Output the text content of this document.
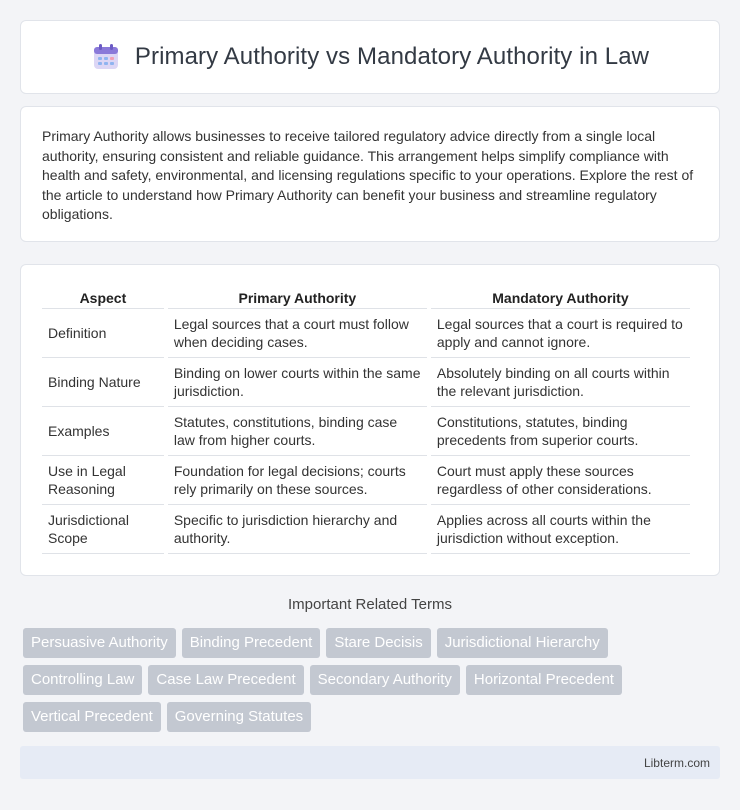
Primary Authority vs Mandatory Authority in Law

Primary Authority allows businesses to receive tailored regulatory advice directly from a single local authority, ensuring consistent and reliable guidance. This arrangement helps simplify compliance with health and safety, environmental, and licensing regulations specific to your operations. Explore the rest of the article to understand how Primary Authority can benefit your business and streamline regulatory obligations.

Aspect	Primary Authority	Mandatory Authority
Definition	Legal sources that a court must follow when deciding cases.	Legal sources that a court is required to apply and cannot ignore.
Binding Nature	Binding on lower courts within the same jurisdiction.	Absolutely binding on all courts within the relevant jurisdiction.
Examples	Statutes, constitutions, binding case law from higher courts.	Constitutions, statutes, binding precedents from superior courts.
Use in Legal Reasoning	Foundation for legal decisions; courts rely primarily on these sources.	Court must apply these sources regardless of other considerations.
Jurisdictional Scope	Specific to jurisdiction hierarchy and authority.	Applies across all courts within the jurisdiction without exception.
Important Related Terms
Persuasive Authority	Binding Precedent	Stare Decisis	Jurisdictional Hierarchy
Controlling Law	Case Law Precedent	Secondary Authority	Horizontal Precedent
Vertical Precedent	Governing Statutes
Libterm.com
